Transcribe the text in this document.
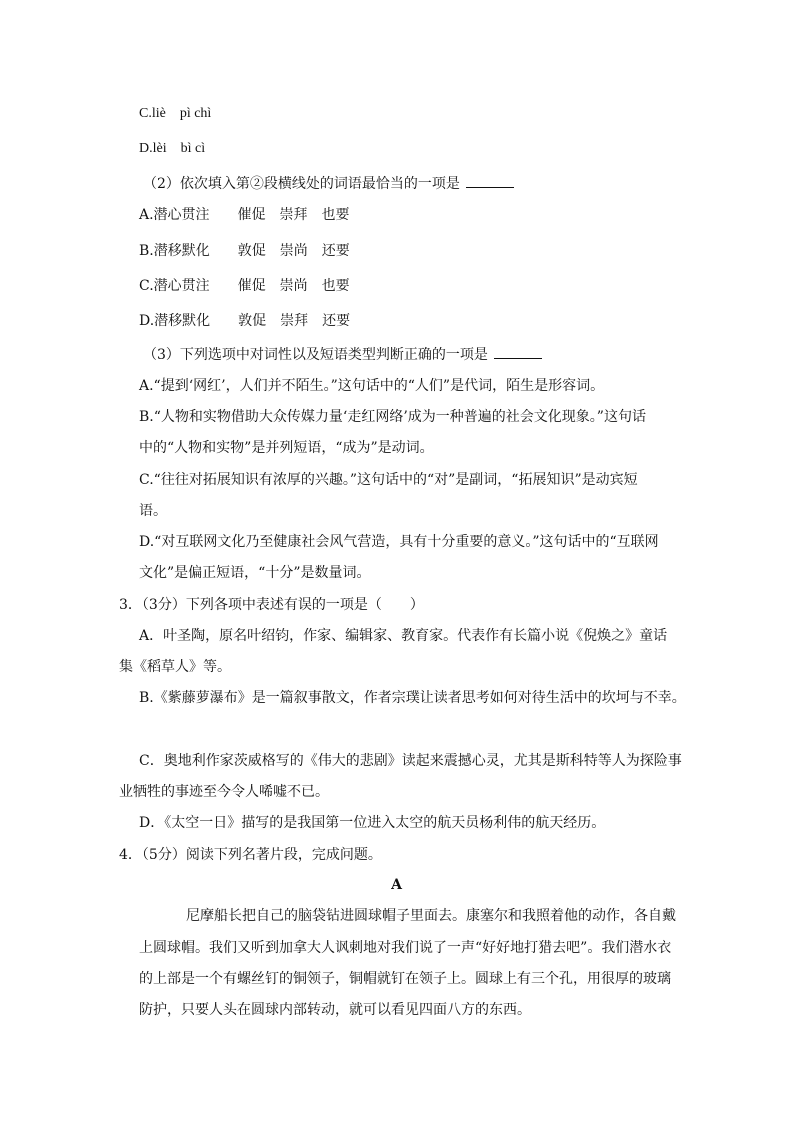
C.liè　pì chì
D.lèi　bì cì
（2）依次填入第②段横线处的词语最恰当的一项是
A.潜心贯注　　催促　崇拜　也要
B.潜移默化　　敦促　崇尚　还要
C.潜心贯注　　催促　崇尚　也要
D.潜移默化　　敦促　崇拜　还要
（3）下列选项中对词性以及短语类型判断正确的一项是
A.“提到‘网红’，人们并不陌生。”这句话中的“人们”是代词，陌生是形容词。
B.“人物和实物借助大众传媒力量‘走红网络’成为一种普遍的社会文化现象。”这句话
中的“人物和实物”是并列短语，“成为”是动词。
C.“往往对拓展知识有浓厚的兴趣。”这句话中的“对”是副词，“拓展知识”是动宾短
语。
D.“对互联网文化乃至健康社会风气营造，具有十分重要的意义。”这句话中的“互联网
文化”是偏正短语，“十分”是数量词。
3．（3分）下列各项中表述有误的一项是（　　）
A．叶圣陶，原名叶绍钧，作家、编辑家、教育家。代表作有长篇小说《倪焕之》童话
集《稻草人》等。
B.《紫藤萝瀑布》是一篇叙事散文，作者宗璞让读者思考如何对待生活中的坎坷与不幸。
C．奥地利作家茨威格写的《伟大的悲剧》读起来震撼心灵，尤其是斯科特等人为探险事
业牺牲的事迹至今令人唏嘘不已。
D．《太空一日》描写的是我国第一位进入太空的航天员杨利伟的航天经历。
4．（5分）阅读下列名著片段，完成问题。
A
尼摩船长把自己的脑袋钻进圆球帽子里面去。康塞尔和我照着他的动作，各自戴
上圆球帽。我们又听到加拿大人讽刺地对我们说了一声“好好地打猎去吧”。我们潜水衣
的上部是一个有螺丝钉的铜领子，铜帽就钉在领子上。圆球上有三个孔，用很厚的玻璃
防护，只要人头在圆球内部转动，就可以看见四面八方的东西。
